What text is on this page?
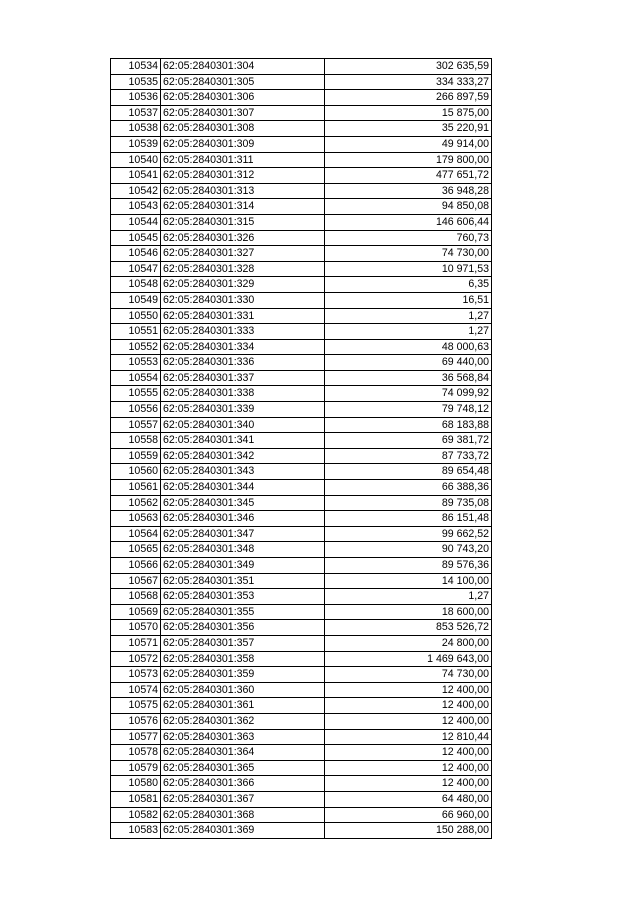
10534	62:05:2840301:304	302 635,59
10535	62:05:2840301:305	334 333,27
10536	62:05:2840301:306	266 897,59
10537	62:05:2840301:307	15 875,00
10538	62:05:2840301:308	35 220,91
10539	62:05:2840301:309	49 914,00
10540	62:05:2840301:311	179 800,00
10541	62:05:2840301:312	477 651,72
10542	62:05:2840301:313	36 948,28
10543	62:05:2840301:314	94 850,08
10544	62:05:2840301:315	146 606,44
10545	62:05:2840301:326	760,73
10546	62:05:2840301:327	74 730,00
10547	62:05:2840301:328	10 971,53
10548	62:05:2840301:329	6,35
10549	62:05:2840301:330	16,51
10550	62:05:2840301:331	1,27
10551	62:05:2840301:333	1,27
10552	62:05:2840301:334	48 000,63
10553	62:05:2840301:336	69 440,00
10554	62:05:2840301:337	36 568,84
10555	62:05:2840301:338	74 099,92
10556	62:05:2840301:339	79 748,12
10557	62:05:2840301:340	68 183,88
10558	62:05:2840301:341	69 381,72
10559	62:05:2840301:342	87 733,72
10560	62:05:2840301:343	89 654,48
10561	62:05:2840301:344	66 388,36
10562	62:05:2840301:345	89 735,08
10563	62:05:2840301:346	86 151,48
10564	62:05:2840301:347	99 662,52
10565	62:05:2840301:348	90 743,20
10566	62:05:2840301:349	89 576,36
10567	62:05:2840301:351	14 100,00
10568	62:05:2840301:353	1,27
10569	62:05:2840301:355	18 600,00
10570	62:05:2840301:356	853 526,72
10571	62:05:2840301:357	24 800,00
10572	62:05:2840301:358	1 469 643,00
10573	62:05:2840301:359	74 730,00
10574	62:05:2840301:360	12 400,00
10575	62:05:2840301:361	12 400,00
10576	62:05:2840301:362	12 400,00
10577	62:05:2840301:363	12 810,44
10578	62:05:2840301:364	12 400,00
10579	62:05:2840301:365	12 400,00
10580	62:05:2840301:366	12 400,00
10581	62:05:2840301:367	64 480,00
10582	62:05:2840301:368	66 960,00
10583	62:05:2840301:369	150 288,00
